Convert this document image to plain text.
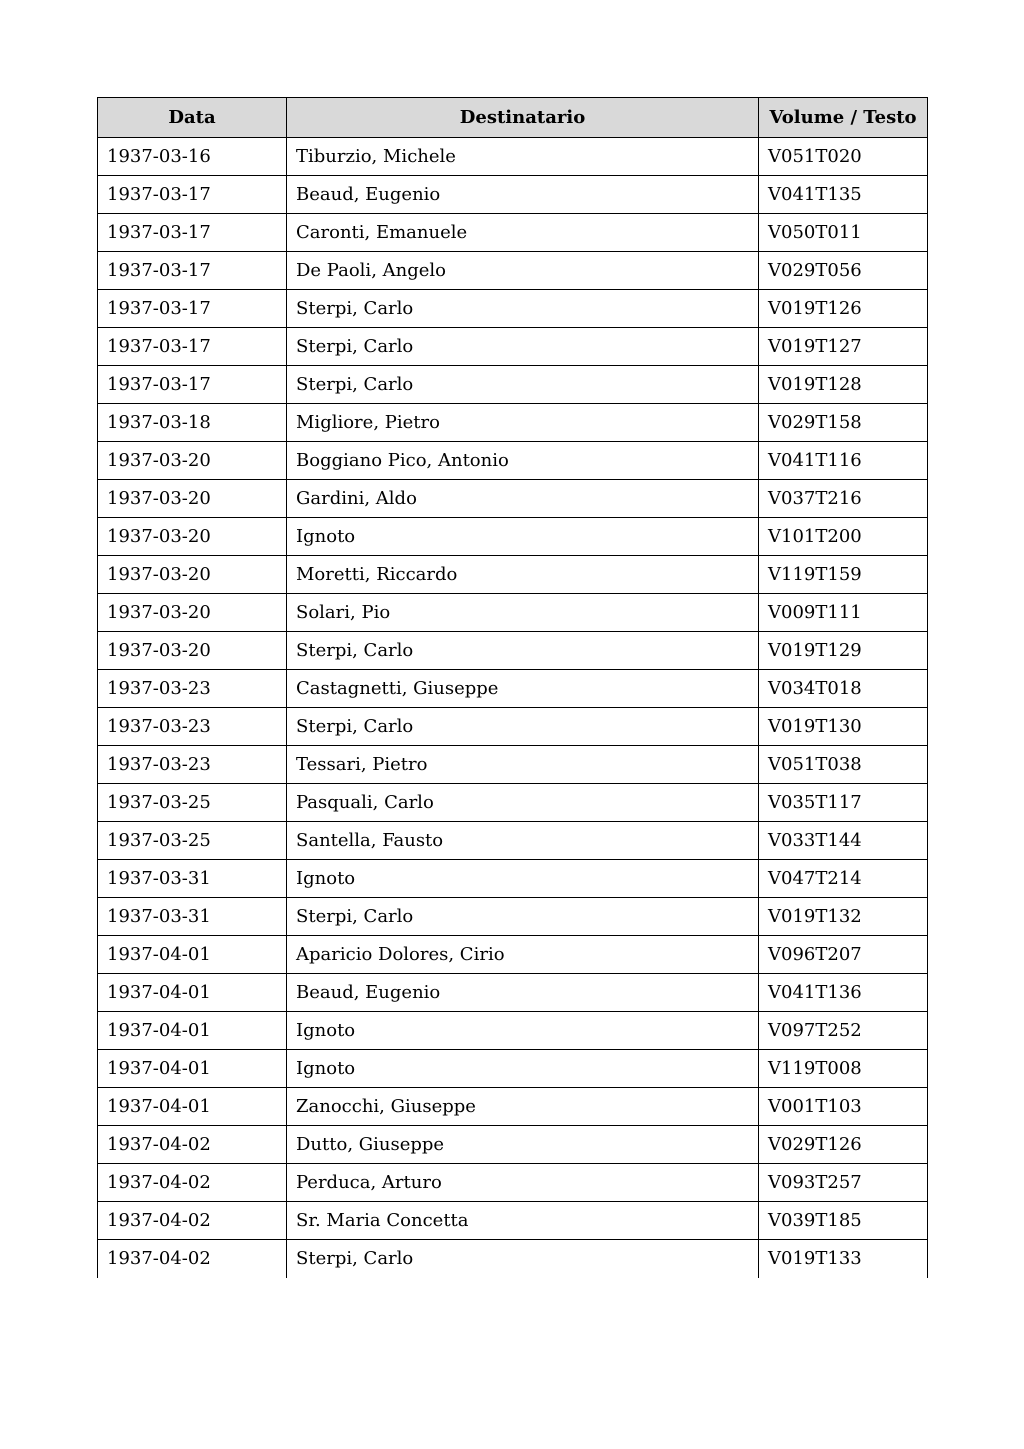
Data	Destinatario	Volume / Testo
1937-03-16	Tiburzio, Michele	V051T020
1937-03-17	Beaud, Eugenio	V041T135
1937-03-17	Caronti, Emanuele	V050T011
1937-03-17	De Paoli, Angelo	V029T056
1937-03-17	Sterpi, Carlo	V019T126
1937-03-17	Sterpi, Carlo	V019T127
1937-03-17	Sterpi, Carlo	V019T128
1937-03-18	Migliore, Pietro	V029T158
1937-03-20	Boggiano Pico, Antonio	V041T116
1937-03-20	Gardini, Aldo	V037T216
1937-03-20	Ignoto	V101T200
1937-03-20	Moretti, Riccardo	V119T159
1937-03-20	Solari, Pio	V009T111
1937-03-20	Sterpi, Carlo	V019T129
1937-03-23	Castagnetti, Giuseppe	V034T018
1937-03-23	Sterpi, Carlo	V019T130
1937-03-23	Tessari, Pietro	V051T038
1937-03-25	Pasquali, Carlo	V035T117
1937-03-25	Santella, Fausto	V033T144
1937-03-31	Ignoto	V047T214
1937-03-31	Sterpi, Carlo	V019T132
1937-04-01	Aparicio Dolores, Cirio	V096T207
1937-04-01	Beaud, Eugenio	V041T136
1937-04-01	Ignoto	V097T252
1937-04-01	Ignoto	V119T008
1937-04-01	Zanocchi, Giuseppe	V001T103
1937-04-02	Dutto, Giuseppe	V029T126
1937-04-02	Perduca, Arturo	V093T257
1937-04-02	Sr. Maria Concetta	V039T185
1937-04-02	Sterpi, Carlo	V019T133
